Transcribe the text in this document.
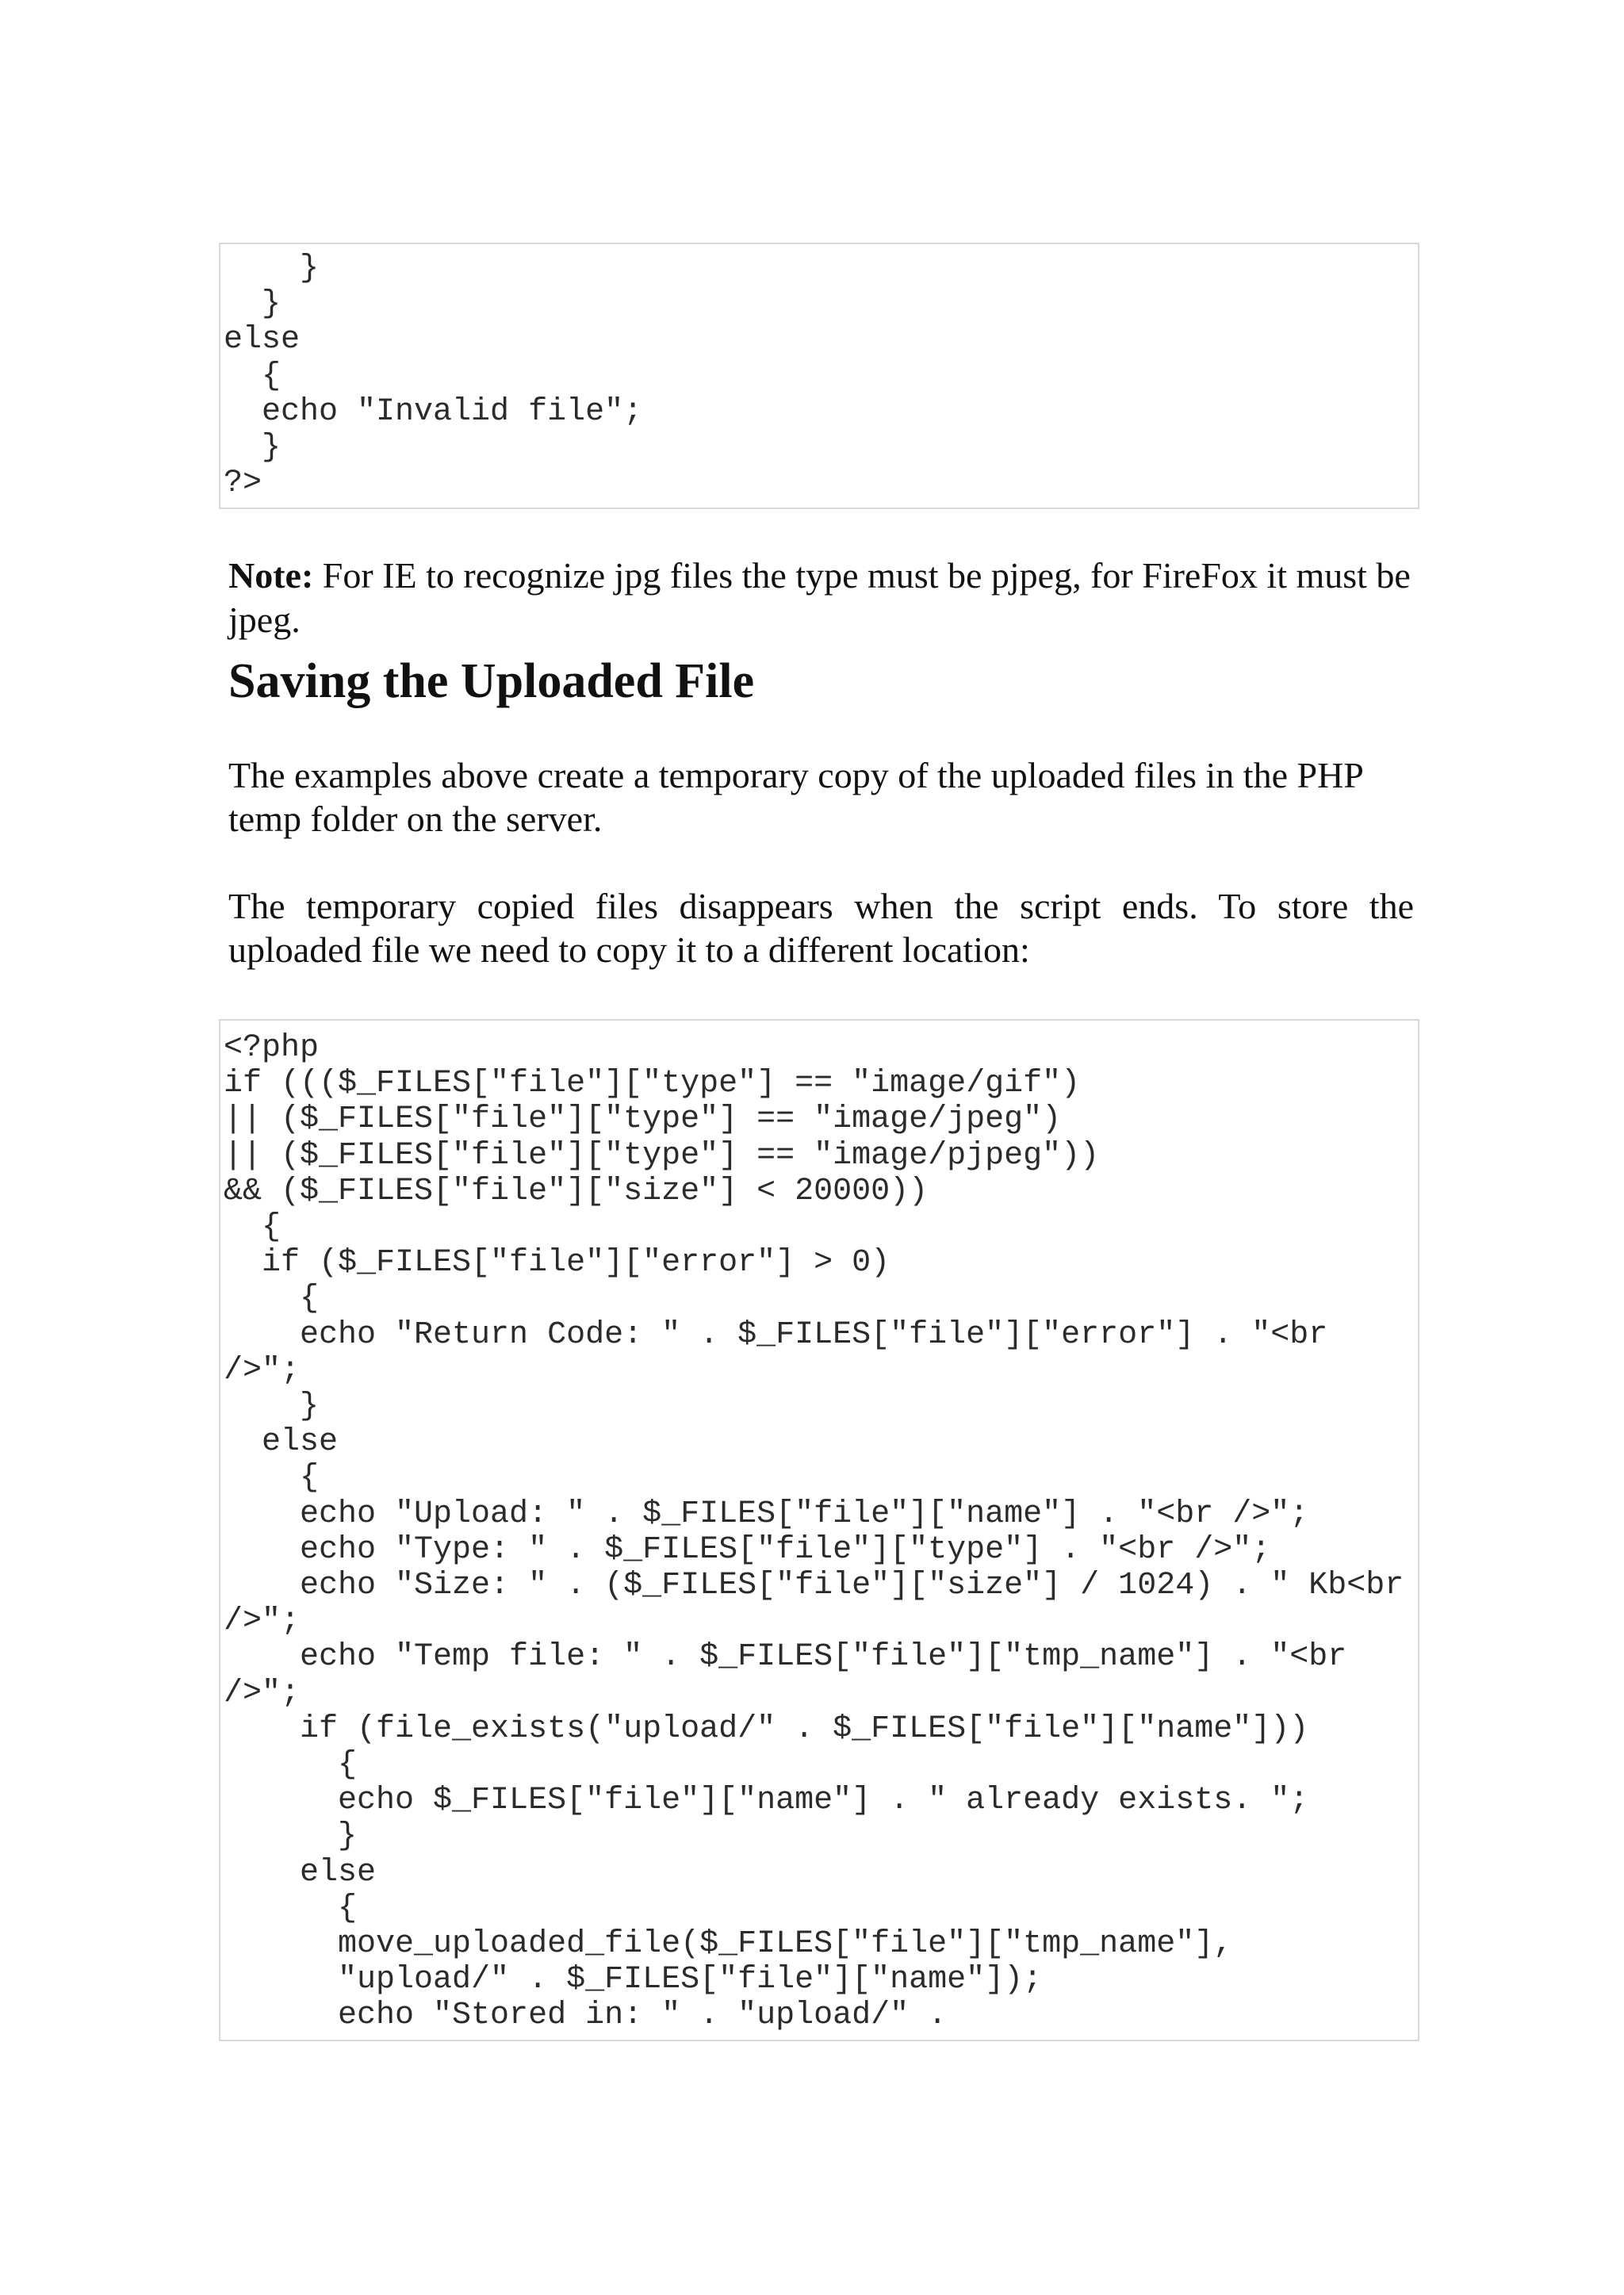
}
}
else
{
echo "Invalid file";
}
?>

Note: For IE to recognize jpg files the type must be pjpeg, for FireFox it must be jpeg.

Saving the Uploaded File

The examples above create a temporary copy of the uploaded files in the PHP temp folder on the server.

The temporary copied files disappears when the script ends. To store the uploaded file we need to copy it to a different location:

<?php
if ((($_FILES["file"]["type"] == "image/gif")
|| ($_FILES["file"]["type"] == "image/jpeg")
|| ($_FILES["file"]["type"] == "image/pjpeg"))
&& ($_FILES["file"]["size"] < 20000))
{
if ($_FILES["file"]["error"] > 0)
{
echo "Return Code: " . $_FILES["file"]["error"] . "<br
/>";
}
else
{
echo "Upload: " . $_FILES["file"]["name"] . "<br />";
echo "Type: " . $_FILES["file"]["type"] . "<br />";
echo "Size: " . ($_FILES["file"]["size"] / 1024) . " Kb<br
/>";
echo "Temp file: " . $_FILES["file"]["tmp_name"] . "<br
/>";
if (file_exists("upload/" . $_FILES["file"]["name"]))
{
echo $_FILES["file"]["name"] . " already exists. ";
}
else
{
move_uploaded_file($_FILES["file"]["tmp_name"],
"upload/" . $_FILES["file"]["name"]);
echo "Stored in: " . "upload/" .
